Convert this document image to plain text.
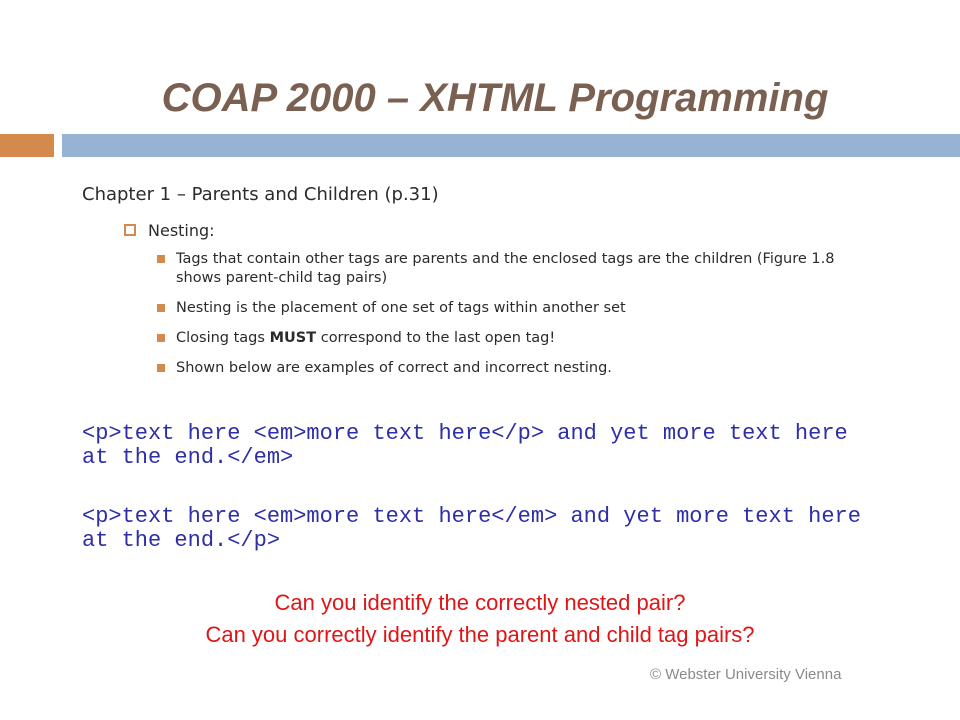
COAP 2000 – XHTML Programming
Chapter 1 – Parents and Children (p.31)
Nesting:
Tags that contain other tags are parents and the enclosed tags are the children (Figure 1.8 shows parent-child tag pairs)
Nesting is the placement of one set of tags within another set
Closing tags MUST correspond to the last open tag!
Shown below are examples of correct and incorrect nesting.
<p>text here <em>more text here</p> and yet more text here at the end.</em>
<p>text here <em>more text here</em> and yet more text here at the end.</p>
Can you identify the correctly nested pair?
Can you correctly identify the parent and child tag pairs?
© Webster University Vienna
